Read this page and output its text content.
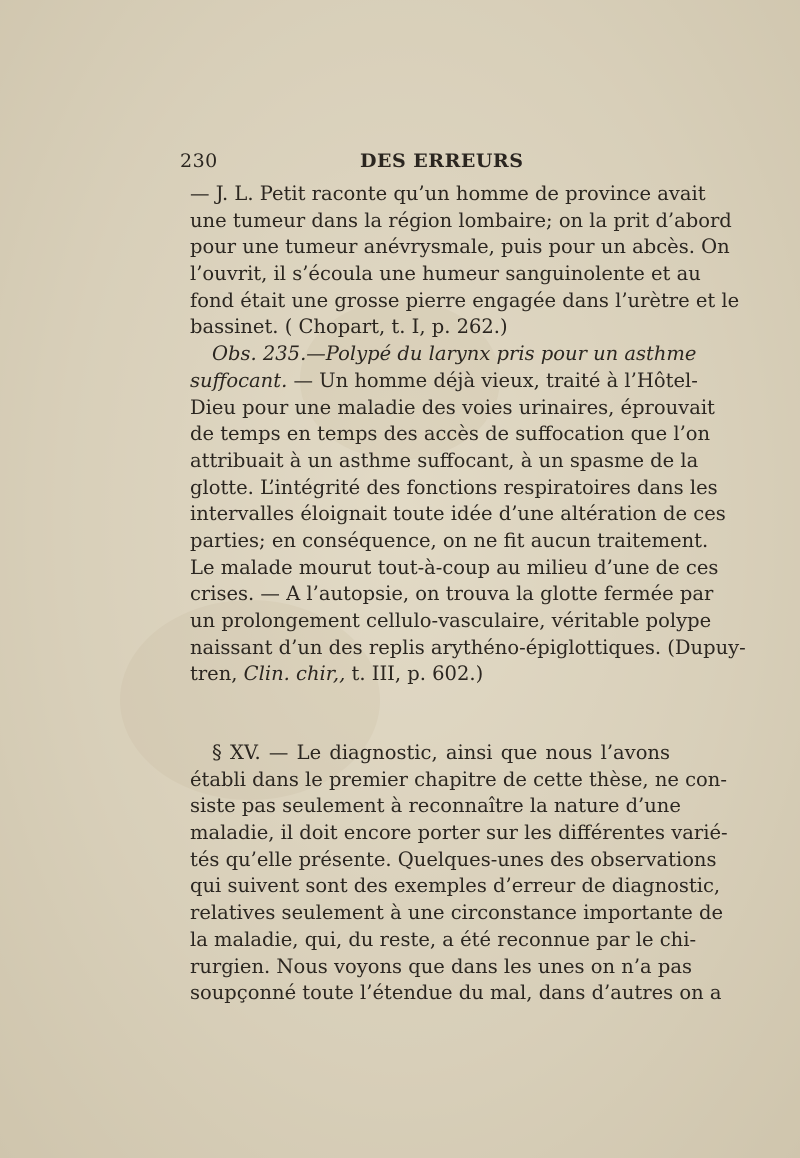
230	DES ERREURS
— J. L. Petit raconte qu’un homme de province avait
une tumeur dans la région lombaire; on la prit d’abord
pour une tumeur anévrysmale, puis pour un abcès. On
l’ouvrit, il s’écoula une humeur sanguinolente et au
fond était une grosse pierre engagée dans l’urètre et le
bassinet. ( Chopart, t. I, p. 262.)
Obs. 235.—Polypé du larynx pris pour un asthme
suffocant. — Un homme déjà vieux, traité à l’Hôtel-
Dieu pour une maladie des voies urinaires, éprouvait
de temps en temps des accès de suffocation que l’on
attribuait à un asthme suffocant, à un spasme de la
glotte. L’intégrité des fonctions respiratoires dans les
intervalles éloignait toute idée d’une altération de ces
parties; en conséquence, on ne fit aucun traitement.
Le malade mourut tout-à-coup au milieu d’une de ces
crises. — A l’autopsie, on trouva la glotte fermée par
un prolongement cellulo-vasculaire, véritable polype
naissant d’un des replis arythéno-épiglottiques. (Dupuy-
tren, Clin. chir,, t. III, p. 602.)
§ XV. — Le diagnostic, ainsi que nous l’avons
établi dans le premier chapitre de cette thèse, ne con-
siste pas seulement à reconnaître la nature d’une
maladie, il doit encore porter sur les différentes varié-
tés qu’elle présente. Quelques-unes des observations
qui suivent sont des exemples d’erreur de diagnostic,
relatives seulement à une circonstance importante de
la maladie, qui, du reste, a été reconnue par le chi-
rurgien. Nous voyons que dans les unes on n’a pas
soupçonné toute l’étendue du mal, dans d’autres on a
